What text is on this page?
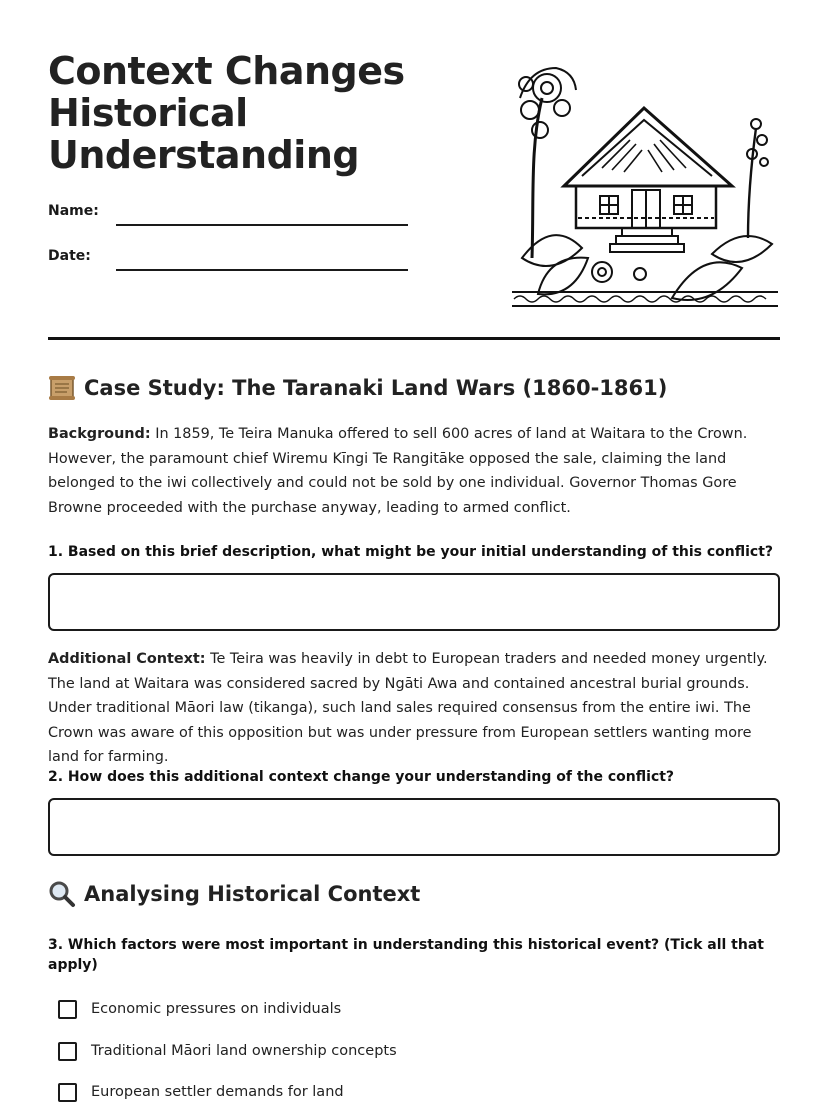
Context Changes Historical Understanding
Name:
Date:
Case Study: The Taranaki Land Wars (1860-1861)

Background: In 1859, Te Teira Manuka offered to sell 600 acres of land at Waitara to the Crown. However, the paramount chief Wiremu Kīngi Te Rangitāke opposed the sale, claiming the land belonged to the iwi collectively and could not be sold by one individual. Governor Thomas Gore Browne proceeded with the purchase anyway, leading to armed conflict.

1. Based on this brief description, what might be your initial understanding of this conflict?

Additional Context: Te Teira was heavily in debt to European traders and needed money urgently. The land at Waitara was considered sacred by Ngāti Awa and contained ancestral burial grounds. Under traditional Māori law (tikanga), such land sales required consensus from the entire iwi. The Crown was aware of this opposition but was under pressure from European settlers wanting more land for farming.

2. How does this additional context change your understanding of the conflict?

Analysing Historical Context

3. Which factors were most important in understanding this historical event? (Tick all that apply)

Economic pressures on individuals
Traditional Māori land ownership concepts
European settler demands for land
